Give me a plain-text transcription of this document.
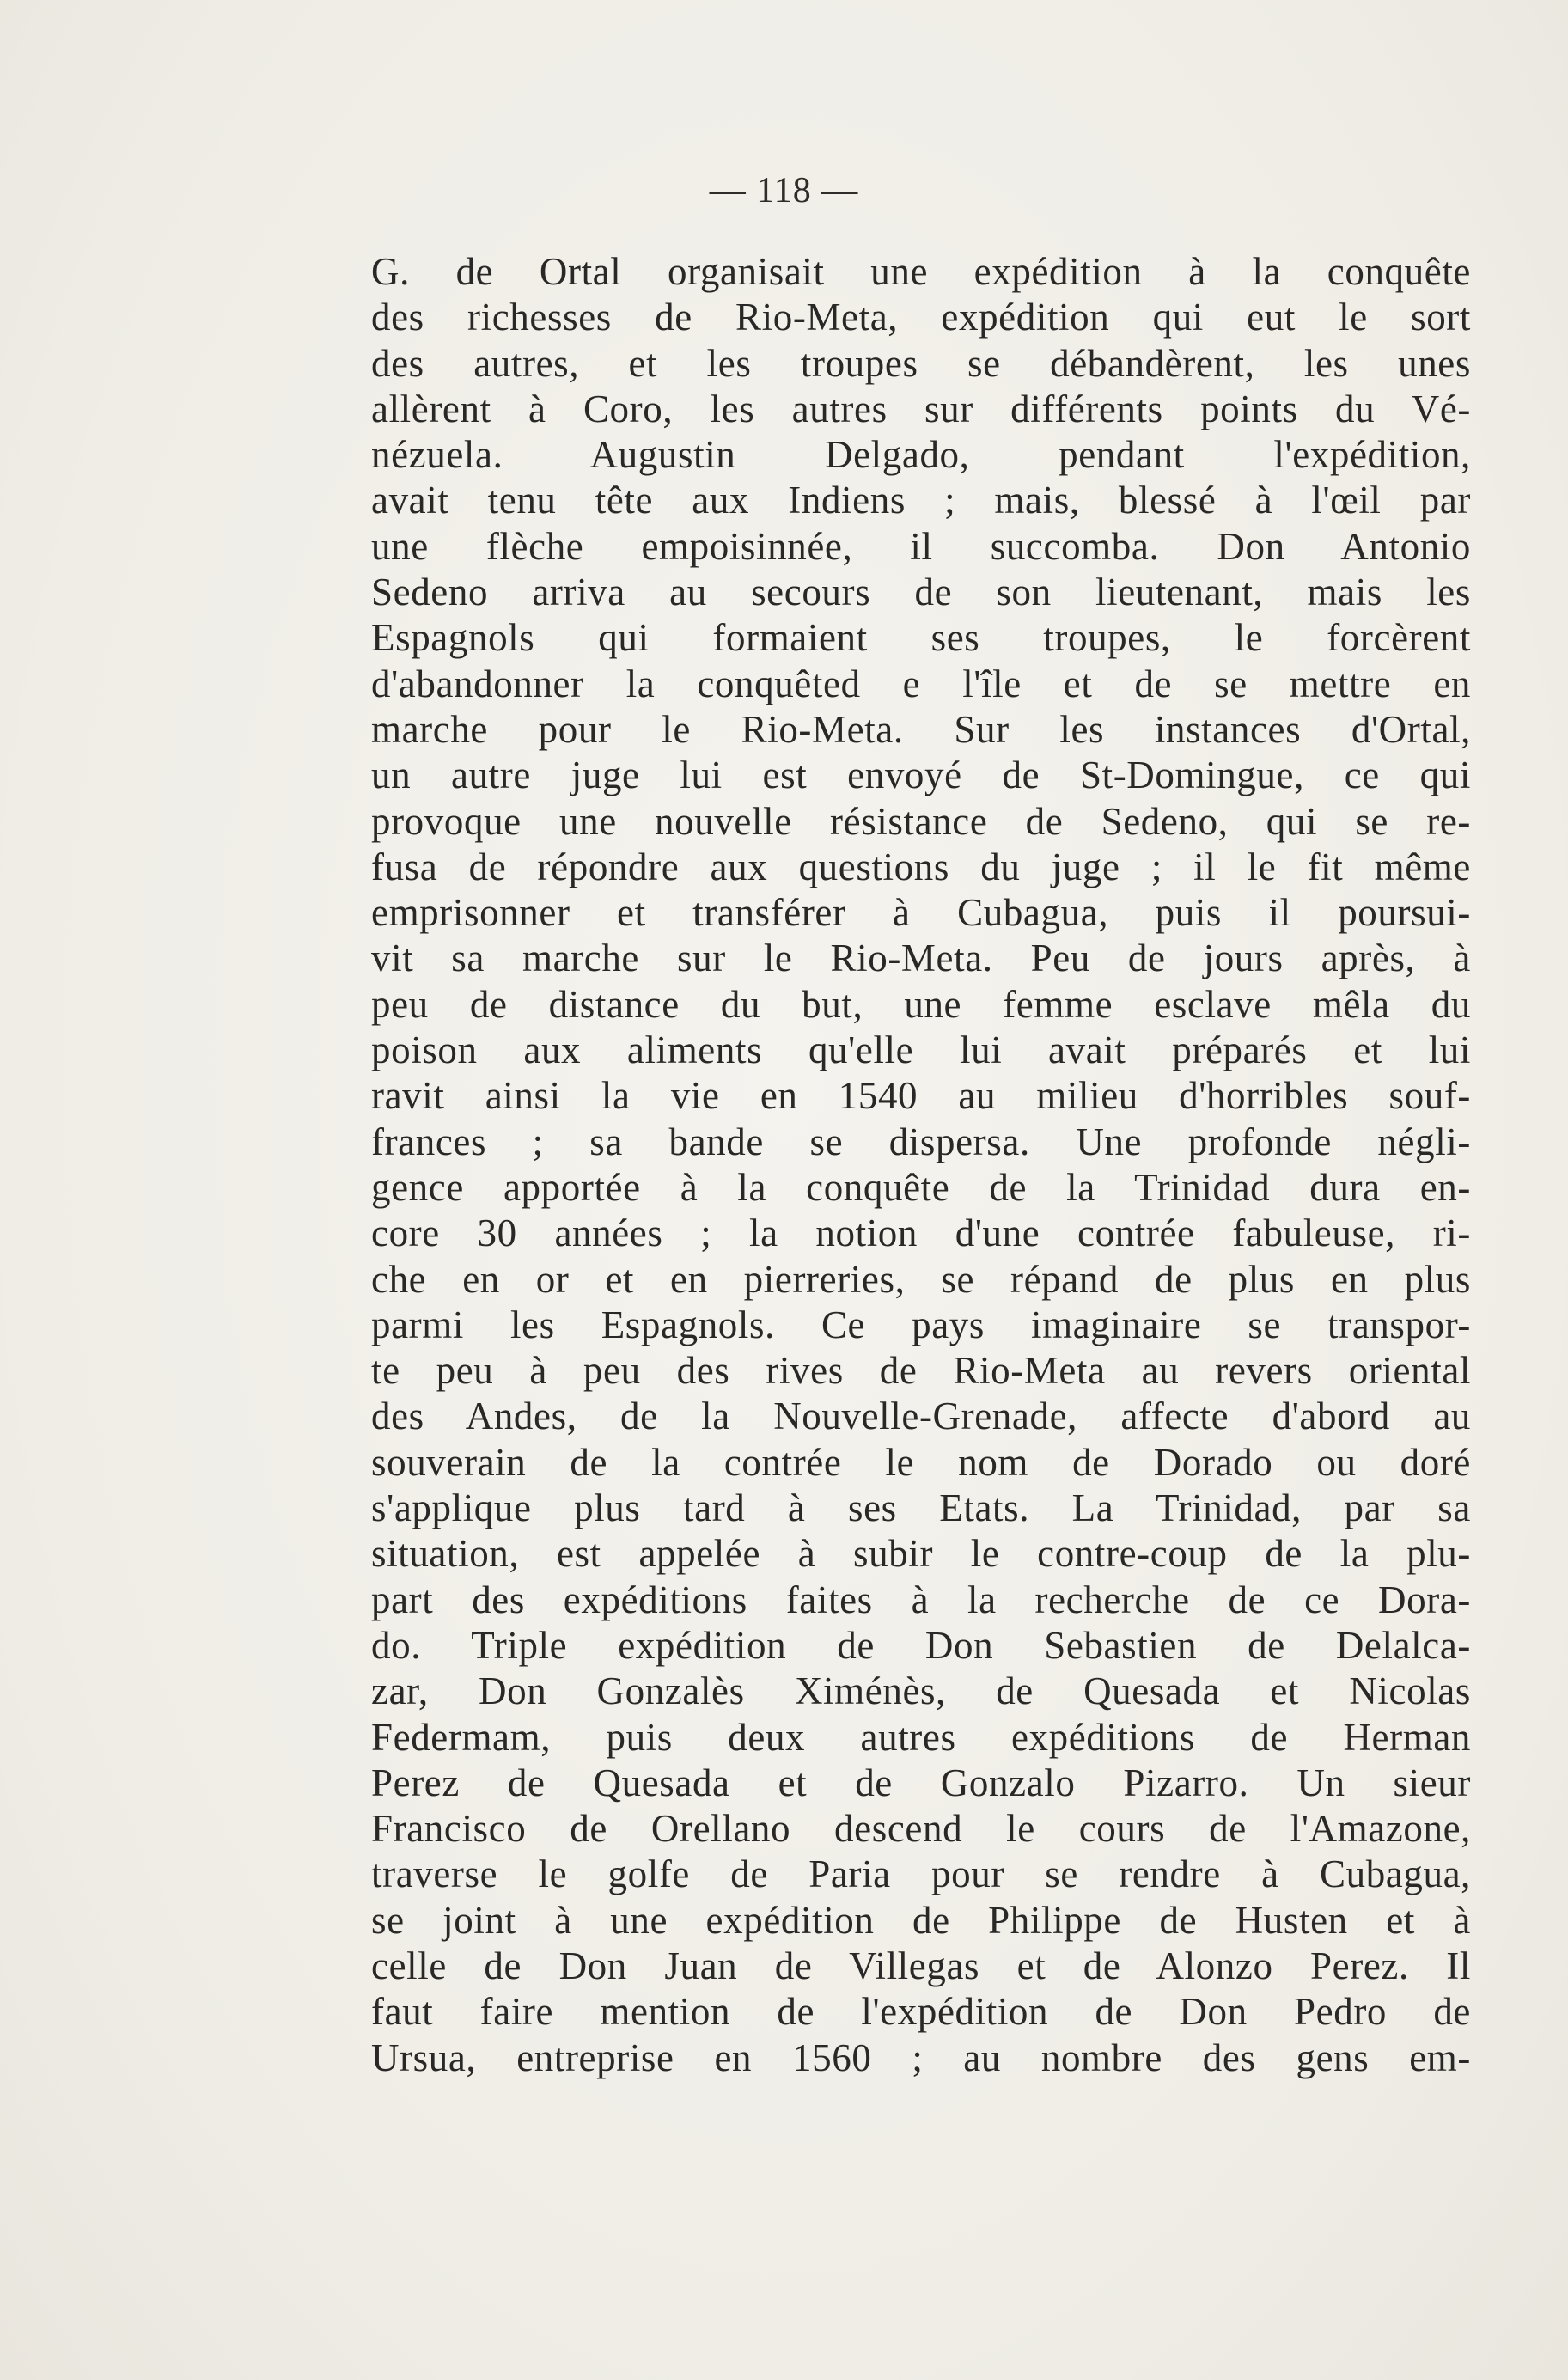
— 118 —
G. de Ortal organisait une expédition à la conquête
des richesses de Rio-Meta, expédition qui eut le sort
des autres, et les troupes se débandèrent, les unes
allèrent à Coro, les autres sur différents points du Vé-
nézuela. Augustin Delgado, pendant l'expédition,
avait tenu tête aux Indiens ; mais, blessé à l'œil par
une flèche empoisinnée, il succomba. Don Antonio
Sedeno arriva au secours de son lieutenant, mais les
Espagnols qui formaient ses troupes, le forcèrent
d'abandonner la conquêted e l'île et de se mettre en
marche pour le Rio-Meta. Sur les instances d'Ortal,
un autre juge lui est envoyé de St-Domingue, ce qui
provoque une nouvelle résistance de Sedeno, qui se re-
fusa de répondre aux questions du juge ; il le fit même
emprisonner et transférer à Cubagua, puis il poursui-
vit sa marche sur le Rio-Meta. Peu de jours après, à
peu de distance du but, une femme esclave mêla du
poison aux aliments qu'elle lui avait préparés et lui
ravit ainsi la vie en 1540 au milieu d'horribles souf-
frances ; sa bande se dispersa. Une profonde négli-
gence apportée à la conquête de la Trinidad dura en-
core 30 années ; la notion d'une contrée fabuleuse, ri-
che en or et en pierreries, se répand de plus en plus
parmi les Espagnols. Ce pays imaginaire se transpor-
te peu à peu des rives de Rio-Meta au revers oriental
des Andes, de la Nouvelle-Grenade, affecte d'abord au
souverain de la contrée le nom de Dorado ou doré
s'applique plus tard à ses Etats. La Trinidad, par sa
situation, est appelée à subir le contre-coup de la plu-
part des expéditions faites à la recherche de ce Dora-
do. Triple expédition de Don Sebastien de Delalca-
zar, Don Gonzalès Ximénès, de Quesada et Nicolas
Federmam, puis deux autres expéditions de Herman
Perez de Quesada et de Gonzalo Pizarro. Un sieur
Francisco de Orellano descend le cours de l'Amazone,
traverse le golfe de Paria pour se rendre à Cubagua,
se joint à une expédition de Philippe de Husten et à
celle de Don Juan de Villegas et de Alonzo Perez. Il
faut faire mention de l'expédition de Don Pedro de
Ursua, entreprise en 1560 ; au nombre des gens em-
